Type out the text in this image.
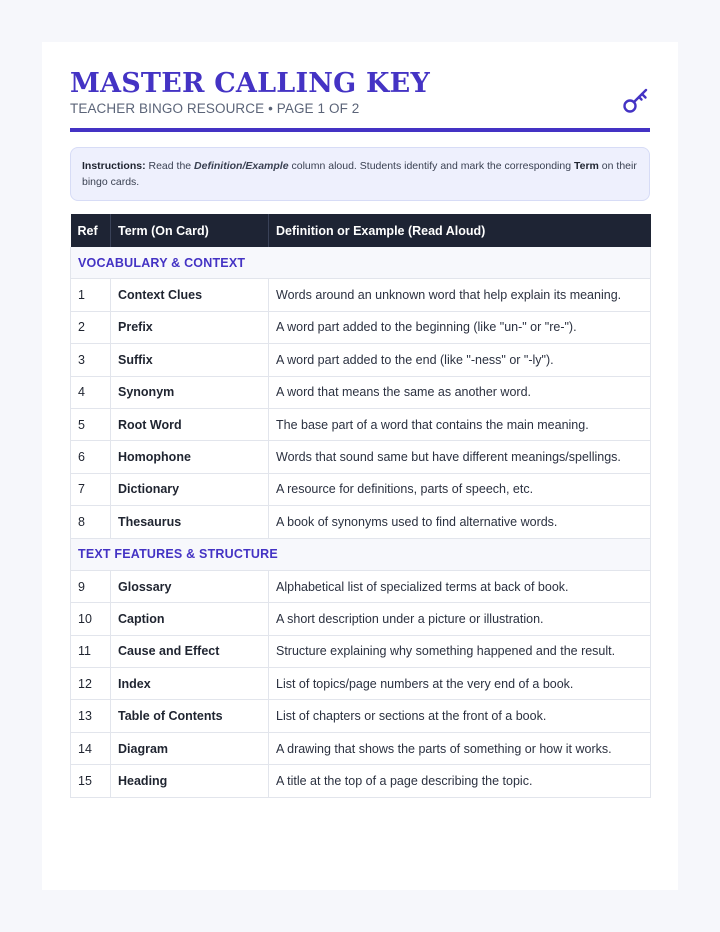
MASTER CALLING KEY
TEACHER BINGO RESOURCE • PAGE 1 OF 2
Instructions: Read the Definition/Example column aloud. Students identify and mark the corresponding Term on their bingo cards.
Ref	Term (On Card)	Definition or Example (Read Aloud)
VOCABULARY & CONTEXT		
1	Context Clues	Words around an unknown word that help explain its meaning.
2	Prefix	A word part added to the beginning (like "un-" or "re-").
3	Suffix	A word part added to the end (like "-ness" or "-ly").
4	Synonym	A word that means the same as another word.
5	Root Word	The base part of a word that contains the main meaning.
6	Homophone	Words that sound same but have different meanings/spellings.
7	Dictionary	A resource for definitions, parts of speech, etc.
8	Thesaurus	A book of synonyms used to find alternative words.
TEXT FEATURES & STRUCTURE		
9	Glossary	Alphabetical list of specialized terms at back of book.
10	Caption	A short description under a picture or illustration.
11	Cause and Effect	Structure explaining why something happened and the result.
12	Index	List of topics/page numbers at the very end of a book.
13	Table of Contents	List of chapters or sections at the front of a book.
14	Diagram	A drawing that shows the parts of something or how it works.
15	Heading	A title at the top of a page describing the topic.
